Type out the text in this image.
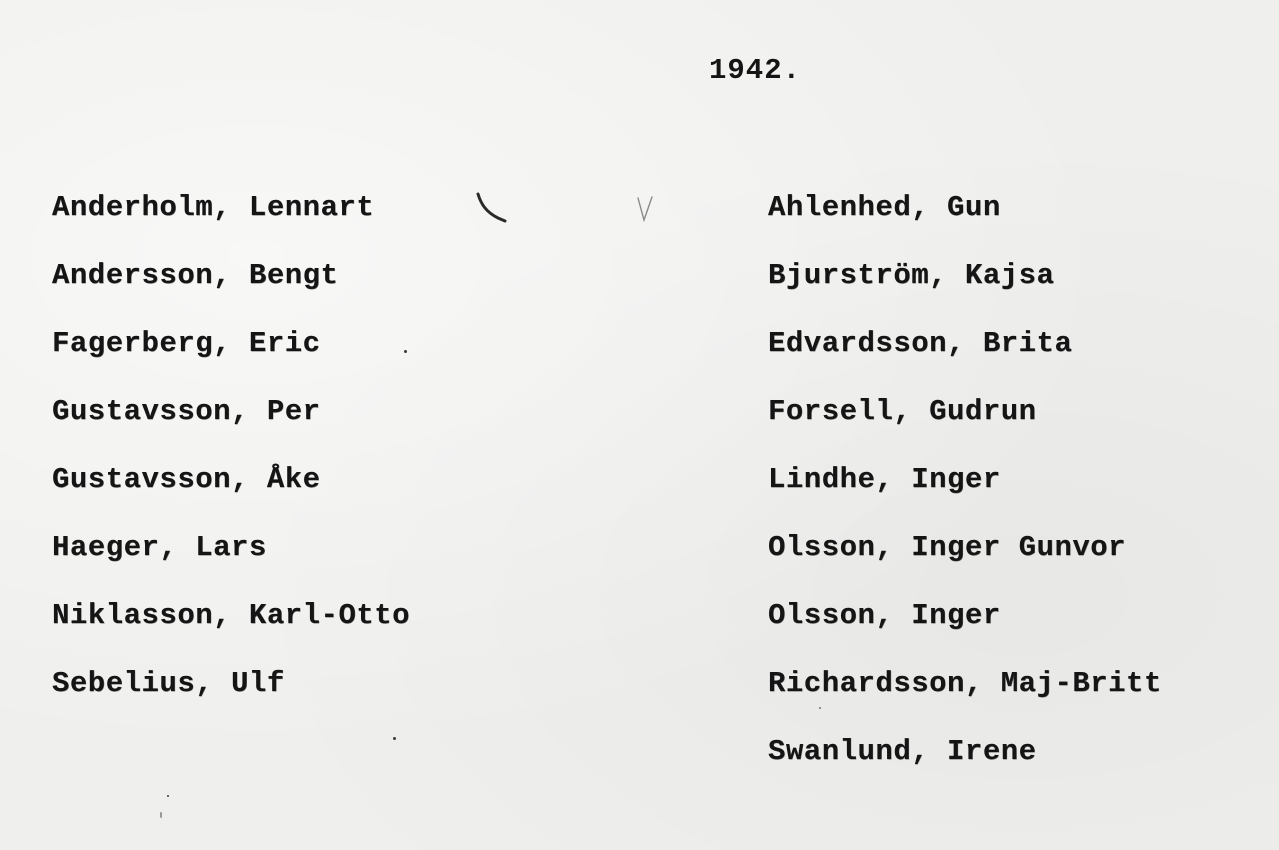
1942.
Anderholm, Lennart
Andersson, Bengt
Fagerberg, Eric
Gustavsson, Per
Gustavsson, Åke
Haeger, Lars
Niklasson, Karl-Otto
Sebelius, Ulf
Ahlenhed, Gun
Bjurström, Kajsa
Edvardsson, Brita
Forsell, Gudrun
Lindhe, Inger
Olsson, Inger Gunvor
Olsson, Inger
Richardsson, Maj-Britt
Swanlund, Irene
